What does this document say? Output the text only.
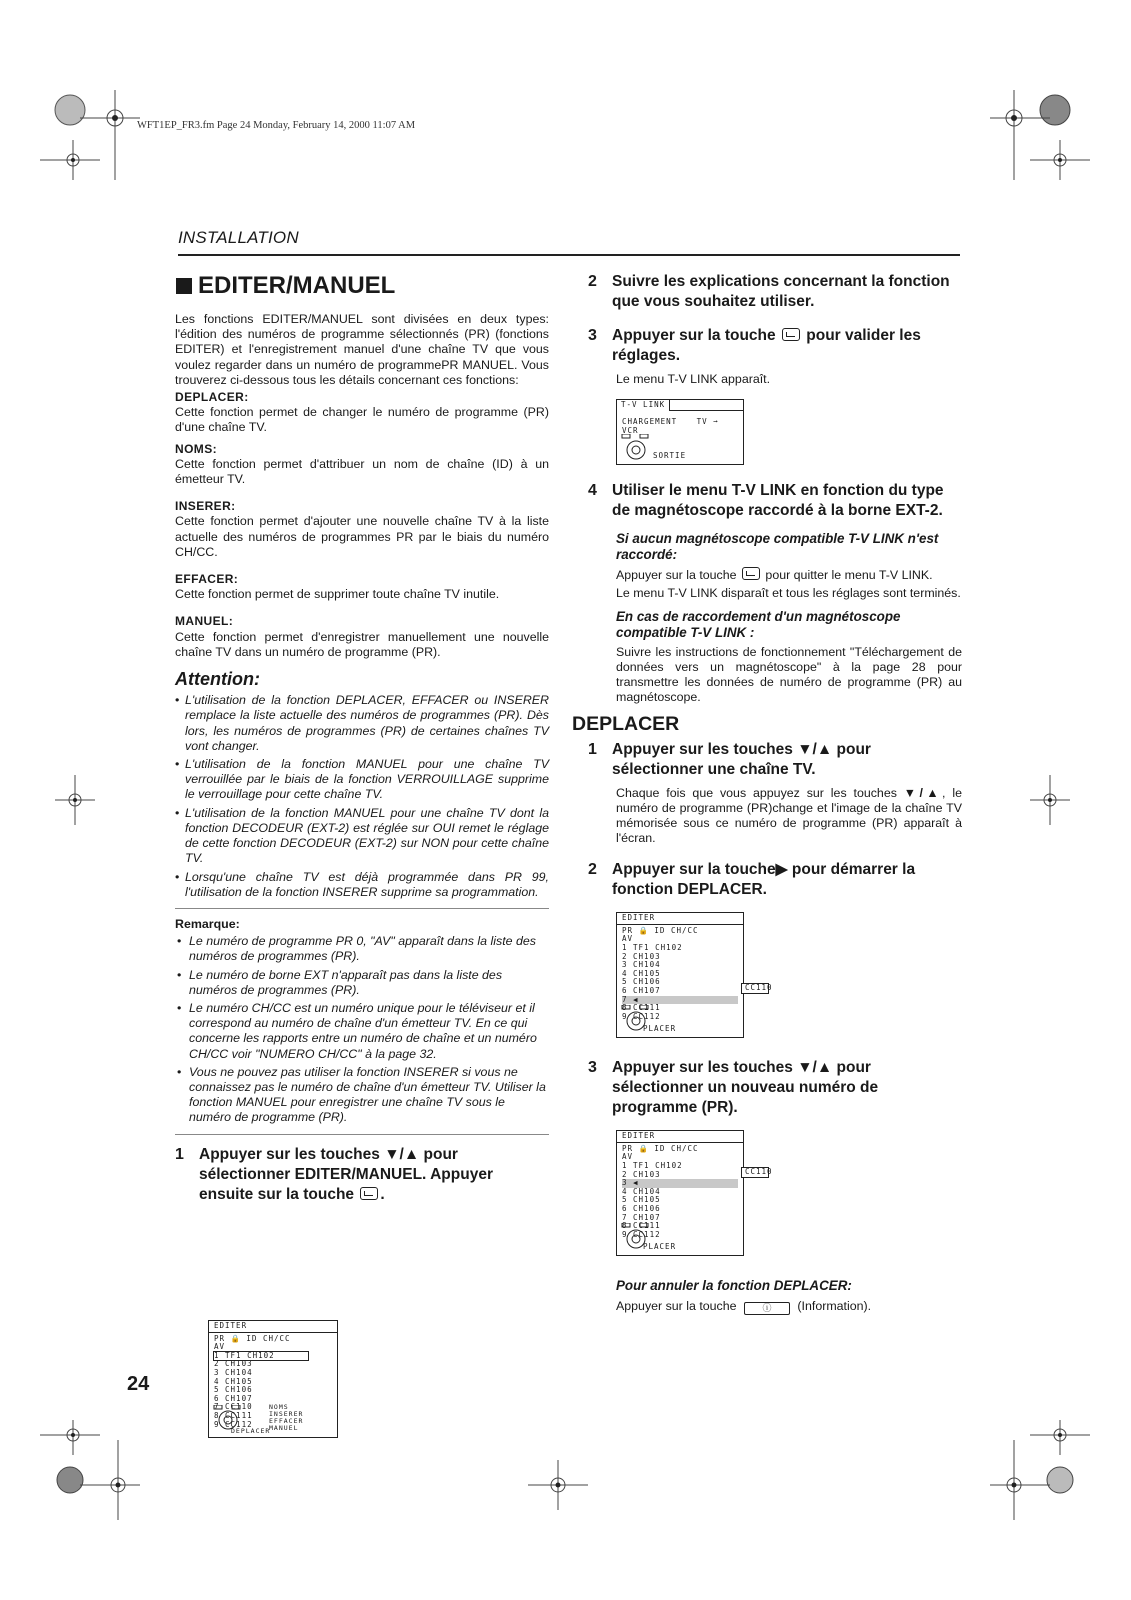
WFT1EP_FR3.fm Page 24 Monday, February 14, 2000 11:07 AM
INSTALLATION
EDITER/MANUEL

Les fonctions EDITER/MANUEL sont divisées en deux types: l'édition des numéros de programme sélectionnés (PR) (fonctions EDITER) et l'enregistrement manuel d'une chaîne TV que vous voulez regarder dans un numéro de programmePR MANUEL. Vous trouverez ci-dessous tous les détails concernant ces fonctions:

DEPLACER:

Cette fonction permet de changer le numéro de programme (PR) d'une chaîne TV.

NOMS:

Cette fonction permet d'attribuer un nom de chaîne (ID) à un émetteur TV.

INSERER:

Cette fonction permet d'ajouter une nouvelle chaîne TV à la liste actuelle des numéros de programmes PR par le biais du numéro CH/CC.

EFFACER:

Cette fonction permet de supprimer toute chaîne TV inutile.

MANUEL:

Cette fonction permet d'enregistrer manuellement une nouvelle chaîne TV dans un numéro de programme (PR).

Attention:
• L'utilisation de la fonction DEPLACER, EFFACER ou INSERER remplace la liste actuelle des numéros de programmes (PR). Dès lors, les numéros de programmes (PR) de certaines chaînes TV vont changer.
• L'utilisation de la fonction MANUEL pour une chaîne TV verrouillée par le biais de la fonction VERROUILLAGE supprime le verrouillage pour cette chaîne TV.
• L'utilisation de la fonction MANUEL pour une chaîne TV dont la fonction DECODEUR (EXT-2) est réglée sur OUI remet le réglage de cette fonction DECODEUR (EXT-2) sur NON pour cette chaîne TV.
• Lorsqu'une chaîne TV est déjà programmée dans PR 99, l'utilisation de la fonction INSERER supprime sa programmation.
Remarque:
• Le numéro de programme PR 0, "AV" apparaît dans la liste des numéros de programmes (PR).
• Le numéro de borne EXT n'apparaît pas dans la liste des numéros de programmes (PR).
• Le numéro CH/CC est un numéro unique pour le téléviseur et il correspond au numéro de chaîne d'un émetteur TV. En ce qui concerne les rapports entre un numéro de chaîne et un numéro CH/CC voir "NUMERO CH/CC" à la page 32.
• Vous ne pouvez pas utiliser la fonction INSERER si vous ne connaissez pas le numéro de chaîne d'un émetteur TV. Utiliser la fonction MANUEL pour enregistrer une chaîne TV sous le numéro de programme (PR).
1 Appuyer sur les touches ▼/▲ pour sélectionner EDITER/MANUEL. Appuyer ensuite sur la touche .
EDITER
PR 🔒 ID CH/CC
AV
1 TF1 CH102
2 CH103
3 CH104
4 CH105
5 CH106
6 CH107
7 CC110
8 CC111
9 CC112
NOMS
INSERER
EFFACER
MANUEL
DEPLACER
2 Suivre les explications concernant la fonction que vous souhaitez utiliser.
3 Appuyer sur la touche  pour valider les réglages.

Le menu T-V LINK apparaît.

T-V LINK
CHARGEMENT	TV ➞ VCR
SORTIE
4 Utiliser le menu T-V LINK en fonction du type de magnétoscope raccordé à la borne EXT-2.

Si aucun magnétoscope compatible T-V LINK n'est raccordé:

Appuyer sur la touche  pour quitter le menu T-V LINK.

Le menu T-V LINK disparaît et tous les réglages sont terminés.

En cas de raccordement d'un magnétoscope compatible T-V LINK :

Suivre les instructions de fonctionnement "Téléchargement de données vers un magnétoscope" à la page 28 pour transmettre les données de numéro de programme (PR) au magnétoscope.

DEPLACER
1 Appuyer sur les touches ▼/▲ pour sélectionner une chaîne TV.

Chaque fois que vous appuyez sur les touches ▼/▲, le numéro de programme (PR)change et l'image de la chaîne TV mémorisée sous ce numéro de programme (PR) apparaît à l'écran.

2 Appuyer sur la touche▶ pour démarrer la fonction DEPLACER.
EDITER
PR 🔒 ID CH/CC
AV
1 TF1 CH102
2 CH103
3 CH104
4 CH105
5 CH106
6 CH107
7 ◀
8 CC111
9 CC112
CC110
PLACER
3 Appuyer sur les touches ▼/▲ pour sélectionner un nouveau numéro de programme (PR).
EDITER
PR 🔒 ID CH/CC
AV
1 TF1 CH102
2 CH103
3 ◀
4 CH104
5 CH105
6 CH106
7 CH107
8 CC111
9 CC112
CC110
PLACER

Pour annuler la fonction DEPLACER:

Appuyer sur la touche ⓘ (Information).

24
